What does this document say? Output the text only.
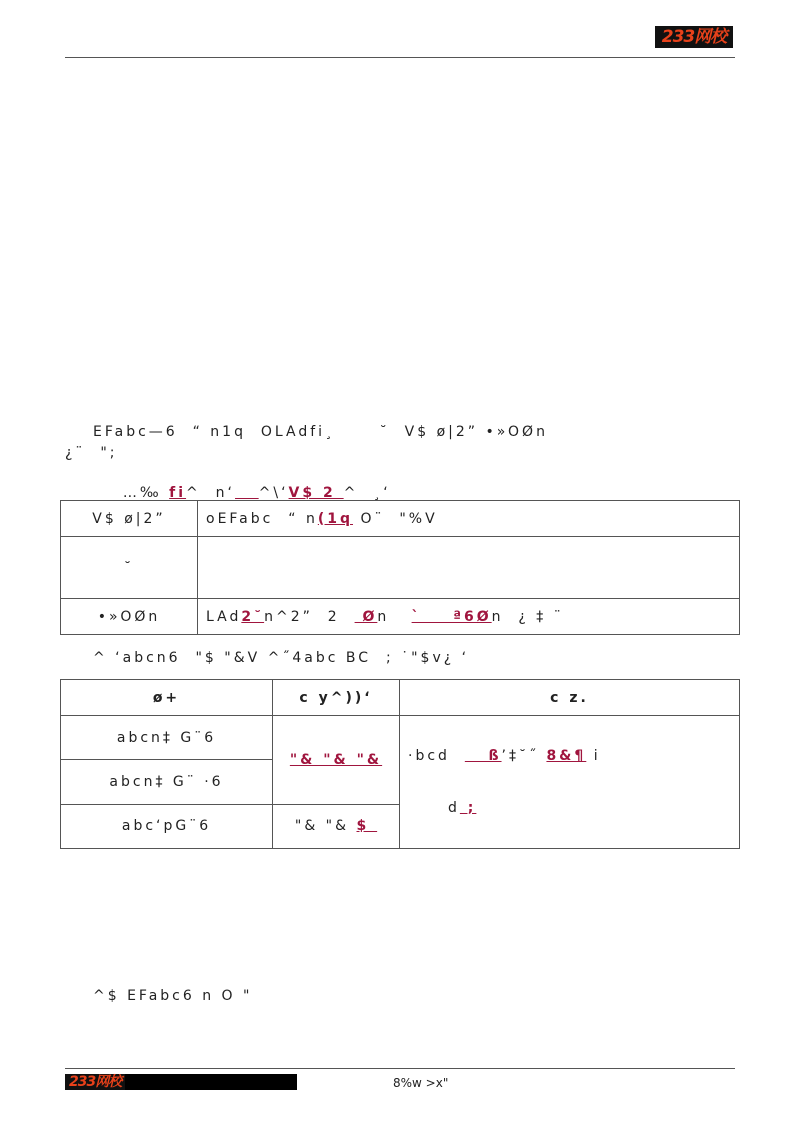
233网校
EFabc—6  “ n1q  OLAdfi¸      ˘  V$ ø|2” •»OØn
¿¨  ";

…‰ fi^  n‘ ^\‘V$ 2 ^  ¸‘

V$ ø|2”	oEFabc  “ n(1q O¨  "%V
˘	
•»OØn	LAd2˘n^2”  2   Øn   `    ª6Øn  ¿ ‡ ¨
^ ‘abcn6  "$ "&V ^˝4abc BC  ; ˙"$v¿ ‘
ø+	c y^))‘	c z.
abcn‡ G¨6	"& "& "&	·bcd     ß’‡˘˝ 8&¶ i

d ;

abcn‡ G¨ ·6		
abc‘pG¨6	"& "& $	
^$ EFabc6 n O "
233网校	8%w >x"
